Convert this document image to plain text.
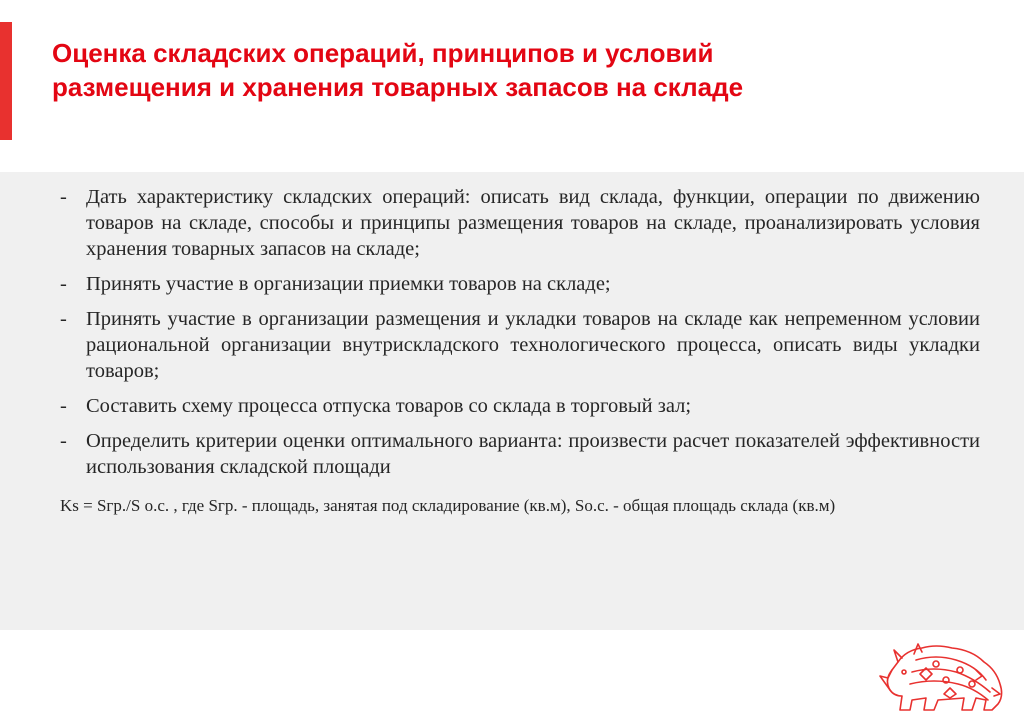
Оценка складских операций, принципов и условий
размещения и хранения товарных запасов на складе
- Дать характеристику складских операций: описать вид склада, функции, операции по движению товаров на складе, способы и принципы размещения товаров на складе, проанализировать условия хранения товарных запасов на складе;
- Принять участие в организации приемки товаров на складе;
- Принять участие в организации размещения и укладки товаров на складе как непременном условии рациональной организации внутрискладского технологического процесса, описать виды укладки товаров;
- Составить схему процесса отпуска товаров со склада в торговый зал;
- Определить критерии оценки оптимального варианта: произвести расчет показателей эффективности использования складской площади

Ks = Sгр./S о.с. , где Sгр. - площадь, занятая под складирование (кв.м), Sо.с. - общая площадь склада (кв.м)
